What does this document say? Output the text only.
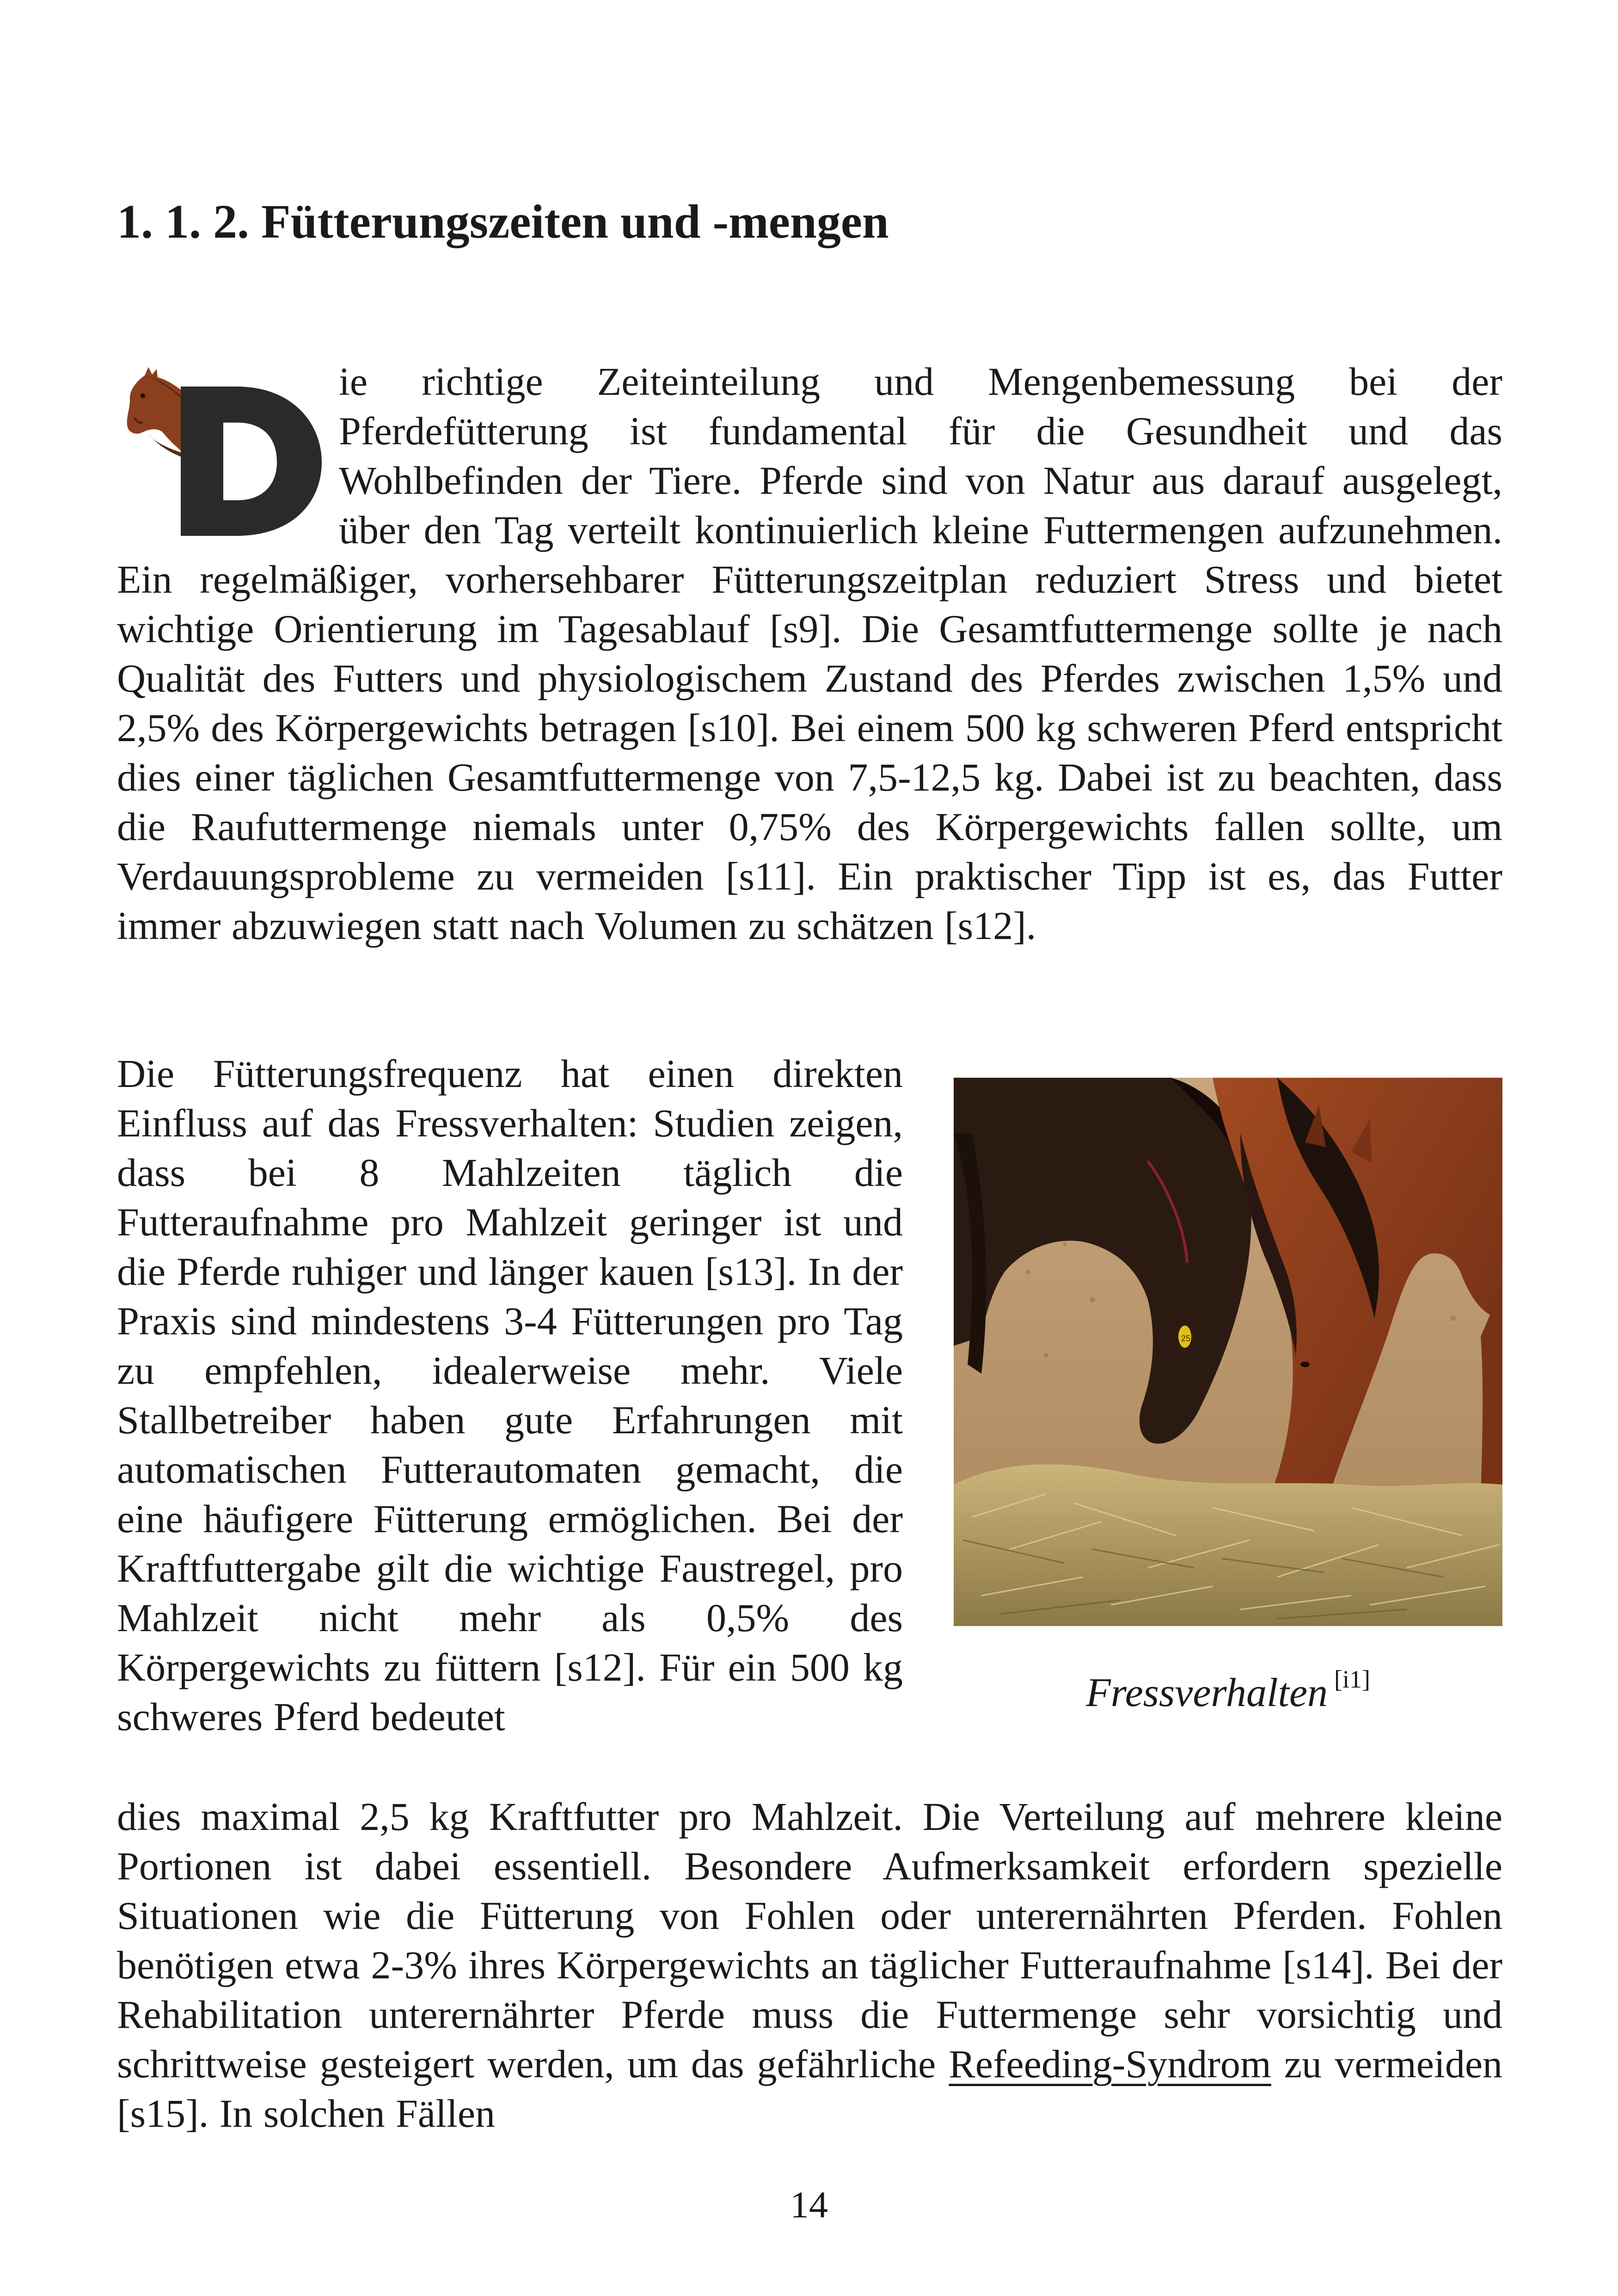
1. 1. 2. Fütterungszeiten und -mengen

ie richtige Zeiteinteilung und Mengenbemessung bei der Pferdefütterung ist fundamental für die Gesundheit und das Wohlbefinden der Tiere. Pferde sind von Natur aus darauf ausgelegt, über den Tag verteilt kontinuierlich kleine Futtermengen aufzunehmen. Ein regelmäßiger, vorhersehbarer Fütterungszeitplan reduziert Stress und bietet wichtige Orientierung im Tagesablauf [s9]. Die Gesamtfuttermenge sollte je nach Qualität des Futters und physiologischem Zustand des Pferdes zwischen 1,5% und 2,5% des Körpergewichts betragen [s10]. Bei einem 500 kg schweren Pferd entspricht dies einer täglichen Gesamtfuttermenge von 7,5-12,5 kg. Dabei ist zu beachten, dass die Raufuttermenge niemals unter 0,75% des Körpergewichts fallen sollte, um Verdauungsprobleme zu vermeiden [s11]. Ein praktischer Tipp ist es, das Futter immer abzuwiegen statt nach Volumen zu schätzen [s12].

Die Fütterungsfrequenz hat einen direkten Einfluss auf das Fressverhalten: Studien zeigen, dass bei 8 Mahlzeiten täglich die Futteraufnahme pro Mahlzeit geringer ist und die Pferde ruhiger und länger kauen [s13]. In der Praxis sind mindestens 3-4 Fütterungen pro Tag zu empfehlen, idealerweise mehr. Viele Stallbetreiber haben gute Erfahrungen mit automatischen Futterautomaten gemacht, die eine häufigere Fütterung ermöglichen. Bei der Kraftfuttergabe gilt die wichtige Faustregel, pro Mahlzeit nicht mehr als 0,5% des Körpergewichts zu füttern [s12]. Für ein 500 kg schweres Pferd bedeutet

25
Fressverhalten [i1]

dies maximal 2,5 kg Kraftfutter pro Mahlzeit. Die Verteilung auf mehrere kleine Portionen ist dabei essentiell. Besondere Aufmerksamkeit erfordern spezielle Situationen wie die Fütterung von Fohlen oder unterernährten Pferden. Fohlen benötigen etwa 2-3% ihres Körpergewichts an täglicher Futteraufnahme [s14]. Bei der Rehabilitation unterernährter Pferde muss die Futtermenge sehr vorsichtig und schrittweise gesteigert werden, um das gefährliche Refeeding-Syndrom zu vermeiden [s15]. In solchen Fällen

14
